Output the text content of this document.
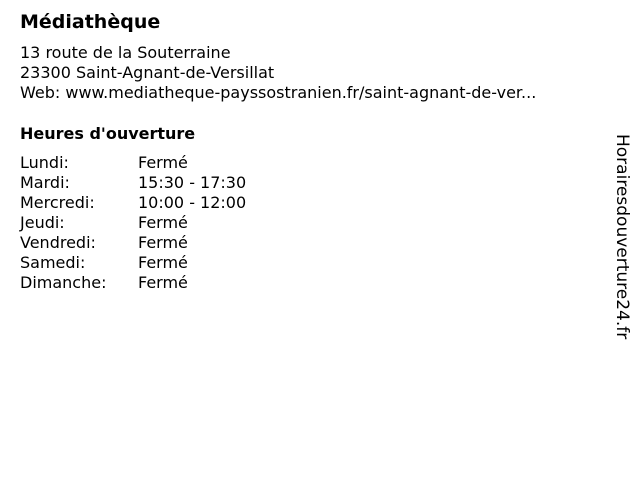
Médiathèque
13 route de la Souterraine
23300 Saint-Agnant-de-Versillat
Web: www.mediatheque-payssostranien.fr/saint-agnant-de-ver...
Heures d'ouverture
Lundi:	Fermé
Mardi:	15:30 - 17:30
Mercredi:	10:00 - 12:00
Jeudi:	Fermé
Vendredi:	Fermé
Samedi:	Fermé
Dimanche:	Fermé	Horairesdouverture24.fr
